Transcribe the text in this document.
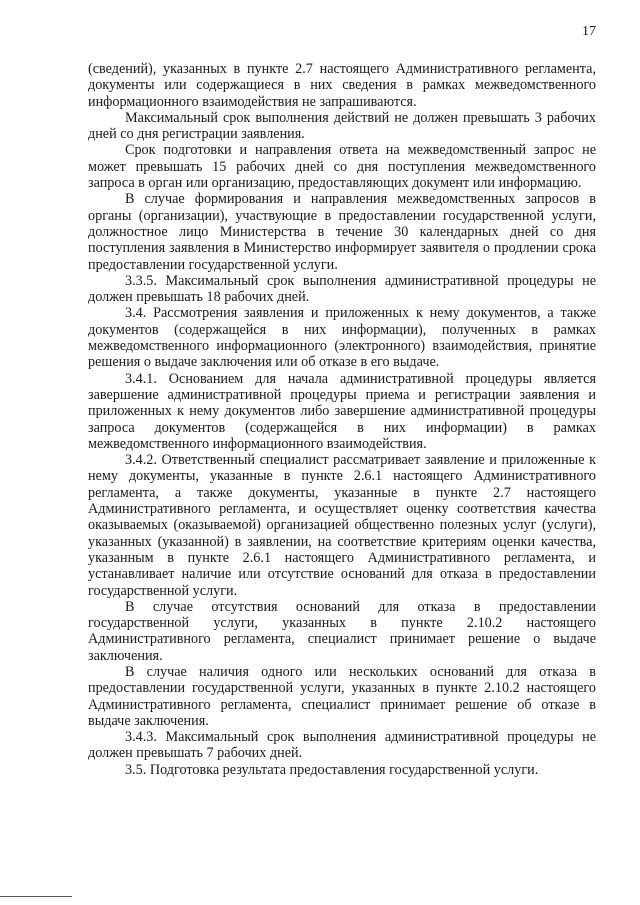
17

(сведений), указанных в пункте 2.7 настоящего Административного регламента, документы или содержащиеся в них сведения в рамках межведомственного информационного взаимодействия не запрашиваются.

Максимальный срок выполнения действий не должен превышать 3 рабочих дней со дня регистрации заявления.

Срок подготовки и направления ответа на межведомственный запрос не может превышать 15 рабочих дней со дня поступления межведомственного запроса в орган или организацию, предоставляющих документ или информацию.

В случае формирования и направления межведомственных запросов в органы (организации), участвующие в предоставлении государственной услуги, должностное лицо Министерства в течение 30 календарных дней со дня поступления заявления в Министерство информирует заявителя о продлении срока предоставлении государственной услуги.

3.3.5. Максимальный срок выполнения административной процедуры не должен превышать 18 рабочих дней.

3.4. Рассмотрения заявления и приложенных к нему документов, а также документов (содержащейся в них информации), полученных в рамках межведомственного информационного (электронного) взаимодействия, принятие решения о выдаче заключения или об отказе в его выдаче.

3.4.1. Основанием для начала административной процедуры является завершение административной процедуры приема и регистрации заявления и приложенных к нему документов либо завершение административной процедуры запроса документов (содержащейся в них информации) в рамках межведомственного информационного взаимодействия.

3.4.2. Ответственный специалист рассматривает заявление и приложенные к нему документы, указанные в пункте 2.6.1 настоящего Административного регламента, а также документы, указанные в пункте 2.7 настоящего Административного регламента, и осуществляет оценку соответствия качества оказываемых (оказываемой) организацией общественно полезных услуг (услуги), указанных (указанной) в заявлении, на соответствие критериям оценки качества, указанным в пункте 2.6.1 настоящего Административного регламента, и устанавливает наличие или отсутствие оснований для отказа в предоставлении государственной услуги.

В случае отсутствия оснований для отказа в предоставлении государственной услуги, указанных в пункте 2.10.2 настоящего Административного регламента, специалист принимает решение о выдаче заключения.

В случае наличия одного или нескольких оснований для отказа в предоставлении государственной услуги, указанных в пункте 2.10.2 настоящего Административного регламента, специалист принимает решение об отказе в выдаче заключения.

3.4.3. Максимальный срок выполнения административной процедуры не должен превышать 7 рабочих дней.

3.5. Подготовка результата предоставления государственной услуги.
